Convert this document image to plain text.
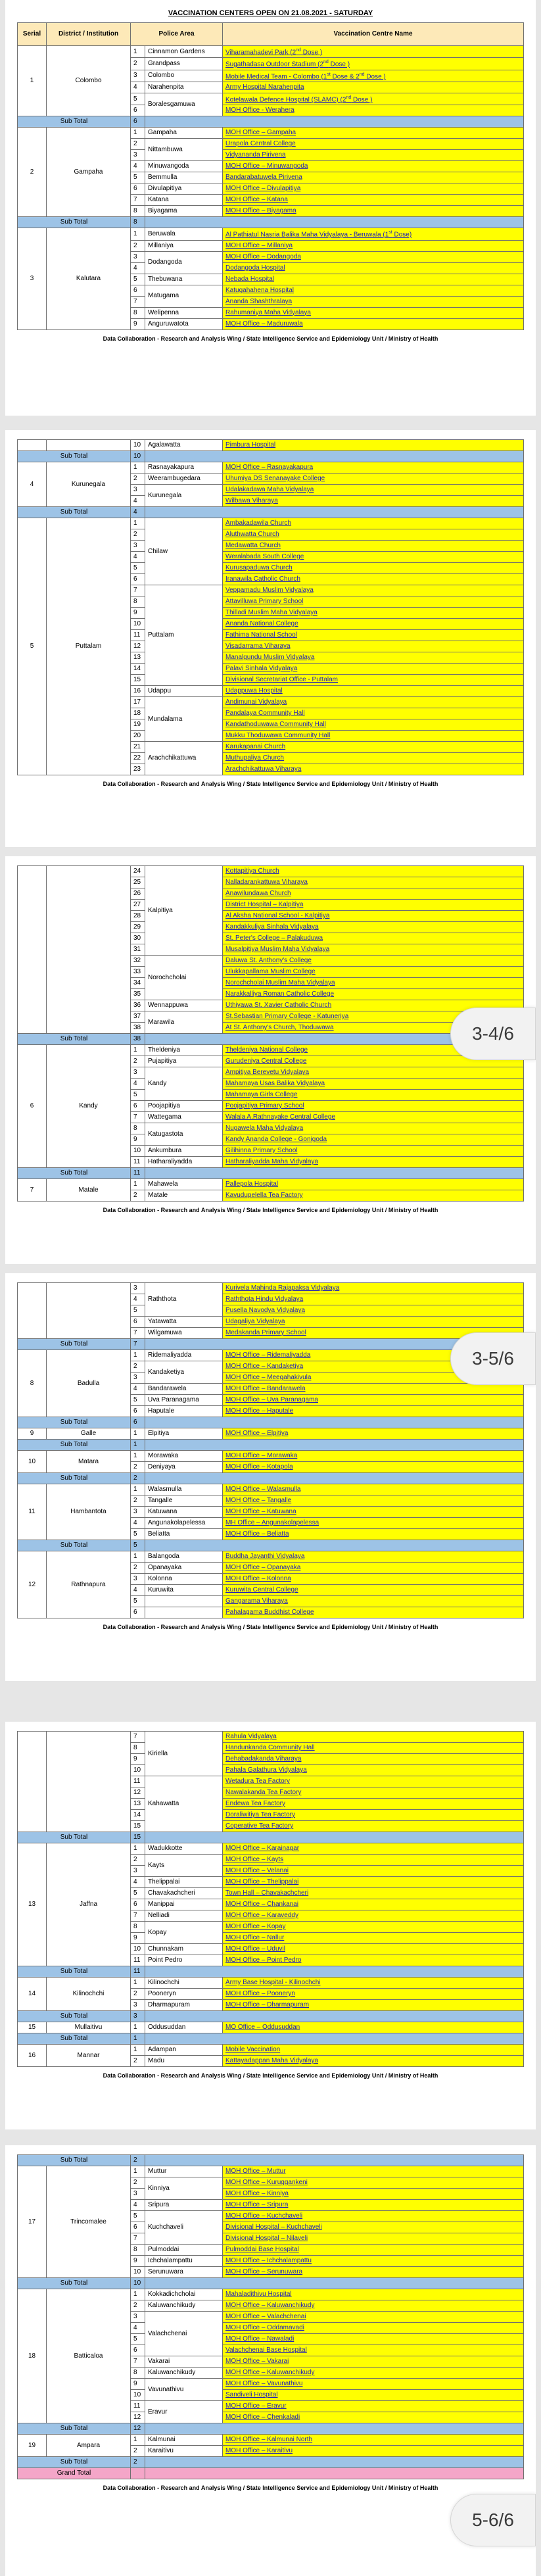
VACCINATION CENTERS OPEN ON 21.08.2021 - SATURDAY
Serial	District / Institution	Police Area		Vaccination Centre Name
1	Colombo	1	Cinnamon Gardens	Viharamahadevi Park (2nd Dose )
		2	Grandpass	Sugathadasa Outdoor Stadium (2nd Dose )
		3	Colombo	Mobile Medical Team - Colombo (1st Dose & 2nd Dose )
		4	Narahenpita	Army Hospital Narahenpita
		5	Boralesgamuwa	Kotelawala Defence Hospital (SLAMC) (2nd Dose )
		6		MOH Office - Werahera
Sub Total		6		
2	Gampaha	1	Gampaha	MOH Office – Gampaha
		2	Nittambuwa	Urapola Central College
		3		Vidyananda Pirivena
		4	Minuwangoda	MOH Office – Minuwangoda
		5	Bemmulla	Bandarabatuwela Pirivena
		6	Divulapitiya	MOH Office – Divulapitiya
		7	Katana	MOH Office – Katana
		8	Biyagama	MOH Office – Biyagama
Sub Total		8		
3	Kalutara	1	Beruwala	Al Pathiatul Nasria Balika Maha Vidyalaya - Beruwala (1st Dose)
		2	Millaniya	MOH Office – Millaniya
		3	Dodangoda	MOH Office – Dodangoda
		4		Dodangoda Hospital
		5	Thebuwana	Nebada Hospital
		6	Matugama	Katugahahena Hospital
		7		Ananda Shashthralaya
		8	Welipenna	Rahumaniya Maha Vidyalaya
		9	Anguruwatota	MOH Office – Maduruwala
Data Collaboration - Research and Analysis Wing / State Intelligence Service and Epidemiology Unit / Ministry of Health
		10	Agalawatta	Pimbura Hospital
Sub Total		10		
4	Kurunegala	1	Rasnayakapura	MOH Office – Rasnayakapura
		2	Weerambugedara	Uhumiya DS Senanayake College
		3	Kurunegala	Udalakadawa Maha Vidyalaya
		4		Wilbawa Viharaya
Sub Total		4		
5	Puttalam	1	Chilaw	Ambakadawila Church
		2		Aluthwatta Church
		3		Medawatta Church
		4		Weralabada South College
		5		Kurusapaduwa Church
		6		Iranawila Catholic Church
		7	Puttalam	Veppamadu Muslim Vidyalaya
		8		Attavilluwa Primary School
		9		Thilladi Muslim Maha Vidyalaya
		10		Ananda National College
		11		Fathima National School
		12		Visadarrama Viharaya
		13		Manalgundu Muslim Vidyalaya
		14		Palavi Sinhala Vidyalaya
		15		Divisional Secretariat Office - Puttalam
		16	Udappu	Udappuwa Hospital
		17	Mundalama	Andimunai Vidyalaya
		18		Pandalaya Community Hall
		19		Kandathoduwawa Community Hall
		20		Mukku Thoduwawa Community Hall
		21	Arachchikattuwa	Karukapanai Church
		22		Muthupaliya Church
		23		Arachchikattuwa Viharaya
Data Collaboration - Research and Analysis Wing / State Intelligence Service and Epidemiology Unit / Ministry of Health
		24	Kalpitiya	Kottapitiya Church
		25		Nalladarankattuwa Viharaya
		26		Anawilundawa Church
		27		District Hospital – Kalpitiya
		28		Al Aksha National School - Kalpitiya
		29		Kandakkuliya Sinhala Vidyalaya
		30		St. Peter's College – Palakuduwa
		31		Musalpitiya Muslim Maha Vidyalaya
		32	Norochcholai	Daluwa St. Anthony's College
		33		Ulukkapallama Muslim College
		34		Norochcholai Muslim Maha Vidyalaya
		35		Narakkalliya Roman Catholic College
		36	Wennappuwa	Uthiyawa St. Xavier Catholic Church
		37	Marawila	St.Sebastian Primary College - Katuneriya
		38		At St. Anthony's Church, Thoduwawa
Sub Total		38		
6	Kandy	1	Theldeniya	Theldeniya National College
		2	Pujapitiya	Gurudeniya Central College
		3	Kandy	Ampitiya Berevetu Vidyalaya
		4		Mahamaya Usas Balika Vidyalaya
		5		Mahamaya Girls College
		6	Poojapitiya	Poojapitiya Primary School
		7	Wattegama	Walala A.Rathnayake Central College
		8	Katugastota	Nugawela Maha Vidyalaya
		9		Kandy Ananda College - Gonigoda
		10	Ankumbura	Gilihinna Primary School
		11	Hatharaliyadda	Hatharaliyadda Maha Vidyalaya
Sub Total		11		
7	Matale	1	Mahawela	Pallepola Hospital
		2	Matale	Kavudupelella Tea Factory
Data Collaboration - Research and Analysis Wing / State Intelligence Service and Epidemiology Unit / Ministry of Health
3-4/6
		3	Raththota	Kurivela Mahinda Rajapaksa Vidyalaya
		4		Raththota Hindu Vidyalaya
		5		Pusella Navodya Vidyalaya
		6	Yatawatta	Udagaliya Vidyalaya
		7	Wilgamuwa	Medakanda Primary School
Sub Total		7		
8	Badulla	1	Ridemaliyadda	MOH Office – Ridemaliyadda
		2	Kandaketiya	MOH Office – Kandaketiya
		3		MOH Office – Meegahakivula
		4	Bandarawela	MOH Office – Bandarawela
		5	Uva Paranagama	MOH Office – Uva Paranagama
		6	Haputale	MOH Office – Haputale
Sub Total		6		
9	Galle	1	Elpitiya	MOH Office – Elpitiya
Sub Total		1		
10	Matara	1	Morawaka	MOH Office – Morawaka
		2	Deniyaya	MOH Office – Kotapola
Sub Total		2		
11	Hambantota	1	Walasmulla	MOH Office – Walasmulla
		2	Tangalle	MOH Office – Tangalle
		3	Katuwana	MOH Office – Katuwana
		4	Angunakolapelessa	MH Office – Angunakolapelessa
		5	Beliatta	MOH Office – Beliatta
Sub Total		5		
12	Rathnapura	1	Balangoda	Buddha Jayanthi Vidyalaya
		2	Opanayaka	MOH Office – Opanayaka
		3	Kolonna	MOH Office – Kolonna
		4	Kuruwita	Kuruwita Central College
		5		Gangarama Viharaya
		6		Pahalagama Buddhist College
Data Collaboration - Research and Analysis Wing / State Intelligence Service and Epidemiology Unit / Ministry of Health
3-5/6
		7	Kiriella	Rahula Vidyalaya
		8		Handunkanda Community Hall
		9		Dehabadakanda Viharaya
		10		Pahala Galathura Vidyalaya
		11	Kahawatta	Wetadura Tea Factory
		12		Nawalakanda Tea Factory
		13		Endewa Tea Factory
		14		Doraliwitiya Tea Factory
		15		Coperative Tea Factory
Sub Total		15		
13	Jaffna	1	Wadukkotte	MOH Office – Karainagar
		2	Kayts	MOH Office – Kayts
		3		MOH Office – Velanai
		4	Thelippalai	MOH Office – Thelippalai
		5	Chavakachcheri	Town Hall – Chavakachcheri
		6	Manippai	MOH Office – Chankanai
		7	Nelliadi	MOH Office – Karaveddy
		8	Kopay	MOH Office – Kopay
		9		MOH Office – Nallur
		10	Chunnakam	MOH Office – Uduvil
		11	Point Pedro	MOH Office – Point Pedro
Sub Total		11		
14	Kilinochchi	1	Kilinochchi	Army Base Hospital - Kilinochchi
		2	Pooneryn	MOH Office – Pooneryn
		3	Dharmapuram	MOH Office – Dharmapuram
Sub Total		3		
15	Mullaitivu	1	Oddusuddan	MO Office – Oddusuddan
Sub Total		1		
16	Mannar	1	Adampan	Mobile Vaccination
		2	Madu	Kattayadappan Maha Vidyalaya
Data Collaboration - Research and Analysis Wing / State Intelligence Service and Epidemiology Unit / Ministry of Health
Sub Total		2		
17	Trincomalee	1	Muttur	MOH Office – Muttur
		2	Kinniya	MOH Office – Kuruggankeni
		3		MOH Office – Kinniya
		4	Sripura	MOH Office – Sripura
		5	Kuchchaveli	MOH Office – Kuchchaveli
		6		Divisional Hospital – Kuchchaveli
		7		Divisional Hospital – Nilaveli
		8	Pulmoddai	Pulmoddai Base Hospital
		9	Ichchalampattu	MOH Office – Ichchalampattu
		10	Serunuwara	MOH Office – Serunuwara
Sub Total		10		
18	Batticaloa	1	Kokkadichcholai	Mahaladithivu Hospital
		2	Kaluwanchikudy	MOH Office – Kaluwanchikudy
		3	Valachchenai	MOH Office – Valachchenai
		4		MOH Office – Oddamavadi
		5		MOH Office – Nawaladi
		6		Valachchenai Base Hospital
		7	Vakarai	MOH Office – Vakarai
		8	Kaluwanchikudy	MOH Office – Kaluwanchikudy
		9	Vavunathivu	MOH Office – Vavunathivu
		10		Sandiveli Hospital
		11	Eravur	MOH Office – Eravur
		12		MOH Office – Chenkaladi
Sub Total		12		
19	Ampara	1	Kalmunai	MOH Office – Kalmunai North
		2	Karaitivu	MOH Office – Karaitivu
Sub Total		2		
Grand Total				
Data Collaboration - Research and Analysis Wing / State Intelligence Service and Epidemiology Unit / Ministry of Health
5-6/6
